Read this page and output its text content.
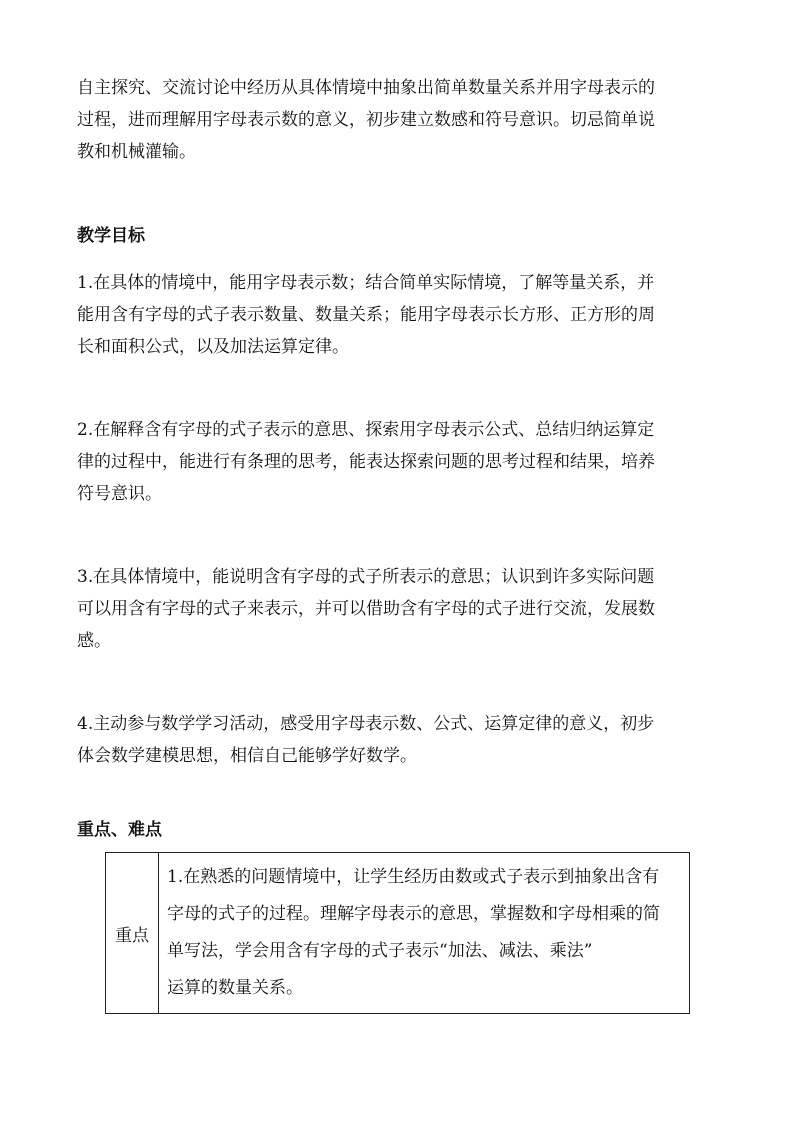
自主探究、交流讨论中经历从具体情境中抽象出简单数量关系并用字母表示的
过程，进而理解用字母表示数的意义，初步建立数感和符号意识。切忌简单说
教和机械灌输。
教学目标
1.在具体的情境中，能用字母表示数；结合简单实际情境，了解等量关系，并
能用含有字母的式子表示数量、数量关系；能用字母表示长方形、正方形的周
长和面积公式，以及加法运算定律。
2.在解释含有字母的式子表示的意思、探索用字母表示公式、总结归纳运算定
律的过程中，能进行有条理的思考，能表达探索问题的思考过程和结果，培养
符号意识。
3.在具体情境中，能说明含有字母的式子所表示的意思；认识到许多实际问题
可以用含有字母的式子来表示，并可以借助含有字母的式子进行交流，发展数
感。
4.主动参与数学学习活动，感受用字母表示数、公式、运算定律的意义，初步
体会数学建模思想，相信自己能够学好数学。
重点、难点
重点	
1.在熟悉的问题情境中，让学生经历由数或式子表示到抽象出含有
字母的式子的过程。理解字母表示的意思，掌握数和字母相乘的简
单写法，学会用含有字母的式子表示“加法、减法、乘法”
运算的数量关系。
